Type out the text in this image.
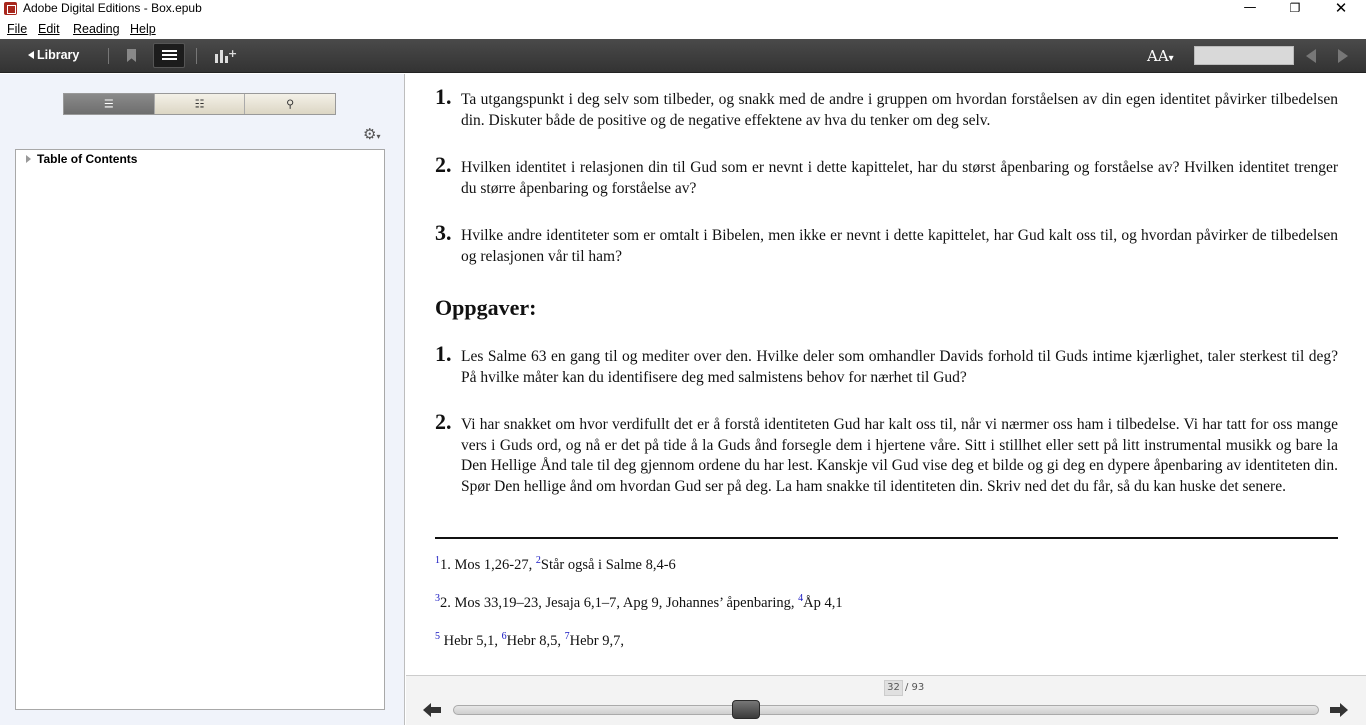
Adobe Digital Editions - Box.epub	—	❐	✕
File Edit Reading Help
Library	+	AA▾
☰	☷	⚲
⚙▾
Table of Contents
1. Ta utgangspunkt i deg selv som tilbeder, og snakk med de andre i gruppen om hvordan forståelsen av din egen identitet påvirker tilbedelsen din. Diskuter både de positive og de negative effektene av hva du tenker om deg selv.
2. Hvilken identitet i relasjonen din til Gud som er nevnt i dette kapittelet, har du størst åpenbaring og forståelse av? Hvilken identitet trenger du større åpenbaring og forståelse av?
3. Hvilke andre identiteter som er omtalt i Bibelen, men ikke er nevnt i dette kapittelet, har Gud kalt oss til, og hvordan påvirker de tilbedelsen og relasjonen vår til ham?
Oppgaver:
1. Les Salme 63 en gang til og mediter over den. Hvilke deler som omhandler Davids forhold til Guds intime kjærlighet, taler sterkest til deg? På hvilke måter kan du identifisere deg med salmistens behov for nærhet til Gud?
2. Vi har snakket om hvor verdifullt det er å forstå identiteten Gud har kalt oss til, når vi nærmer oss ham i tilbedelse. Vi har tatt for oss mange vers i Guds ord, og nå er det på tide å la Guds ånd forsegle dem i hjertene våre. Sitt i stillhet eller sett på litt instrumental musikk og bare la Den Hellige Ånd tale til deg gjennom ordene du har lest. Kanskje vil Gud vise deg et bilde og gi deg en dypere åpenbaring av identiteten din. Spør Den hellige ånd om hvordan Gud ser på deg. La ham snakke til identiteten din. Skriv ned det du får, så du kan huske det senere.
$^1$1. Mos 1,26-27, $^2$Står også i Salme 8,4-6
$^3$2. Mos 33,19–23, Jesaja 6,1–7, Apg 9, Johannes’ åpenbaring, $^4$Åp 4,1
$^5$ Hebr 5,1, $^6$Hebr 8,5, $^7$Hebr 9,7,
32 / 93
